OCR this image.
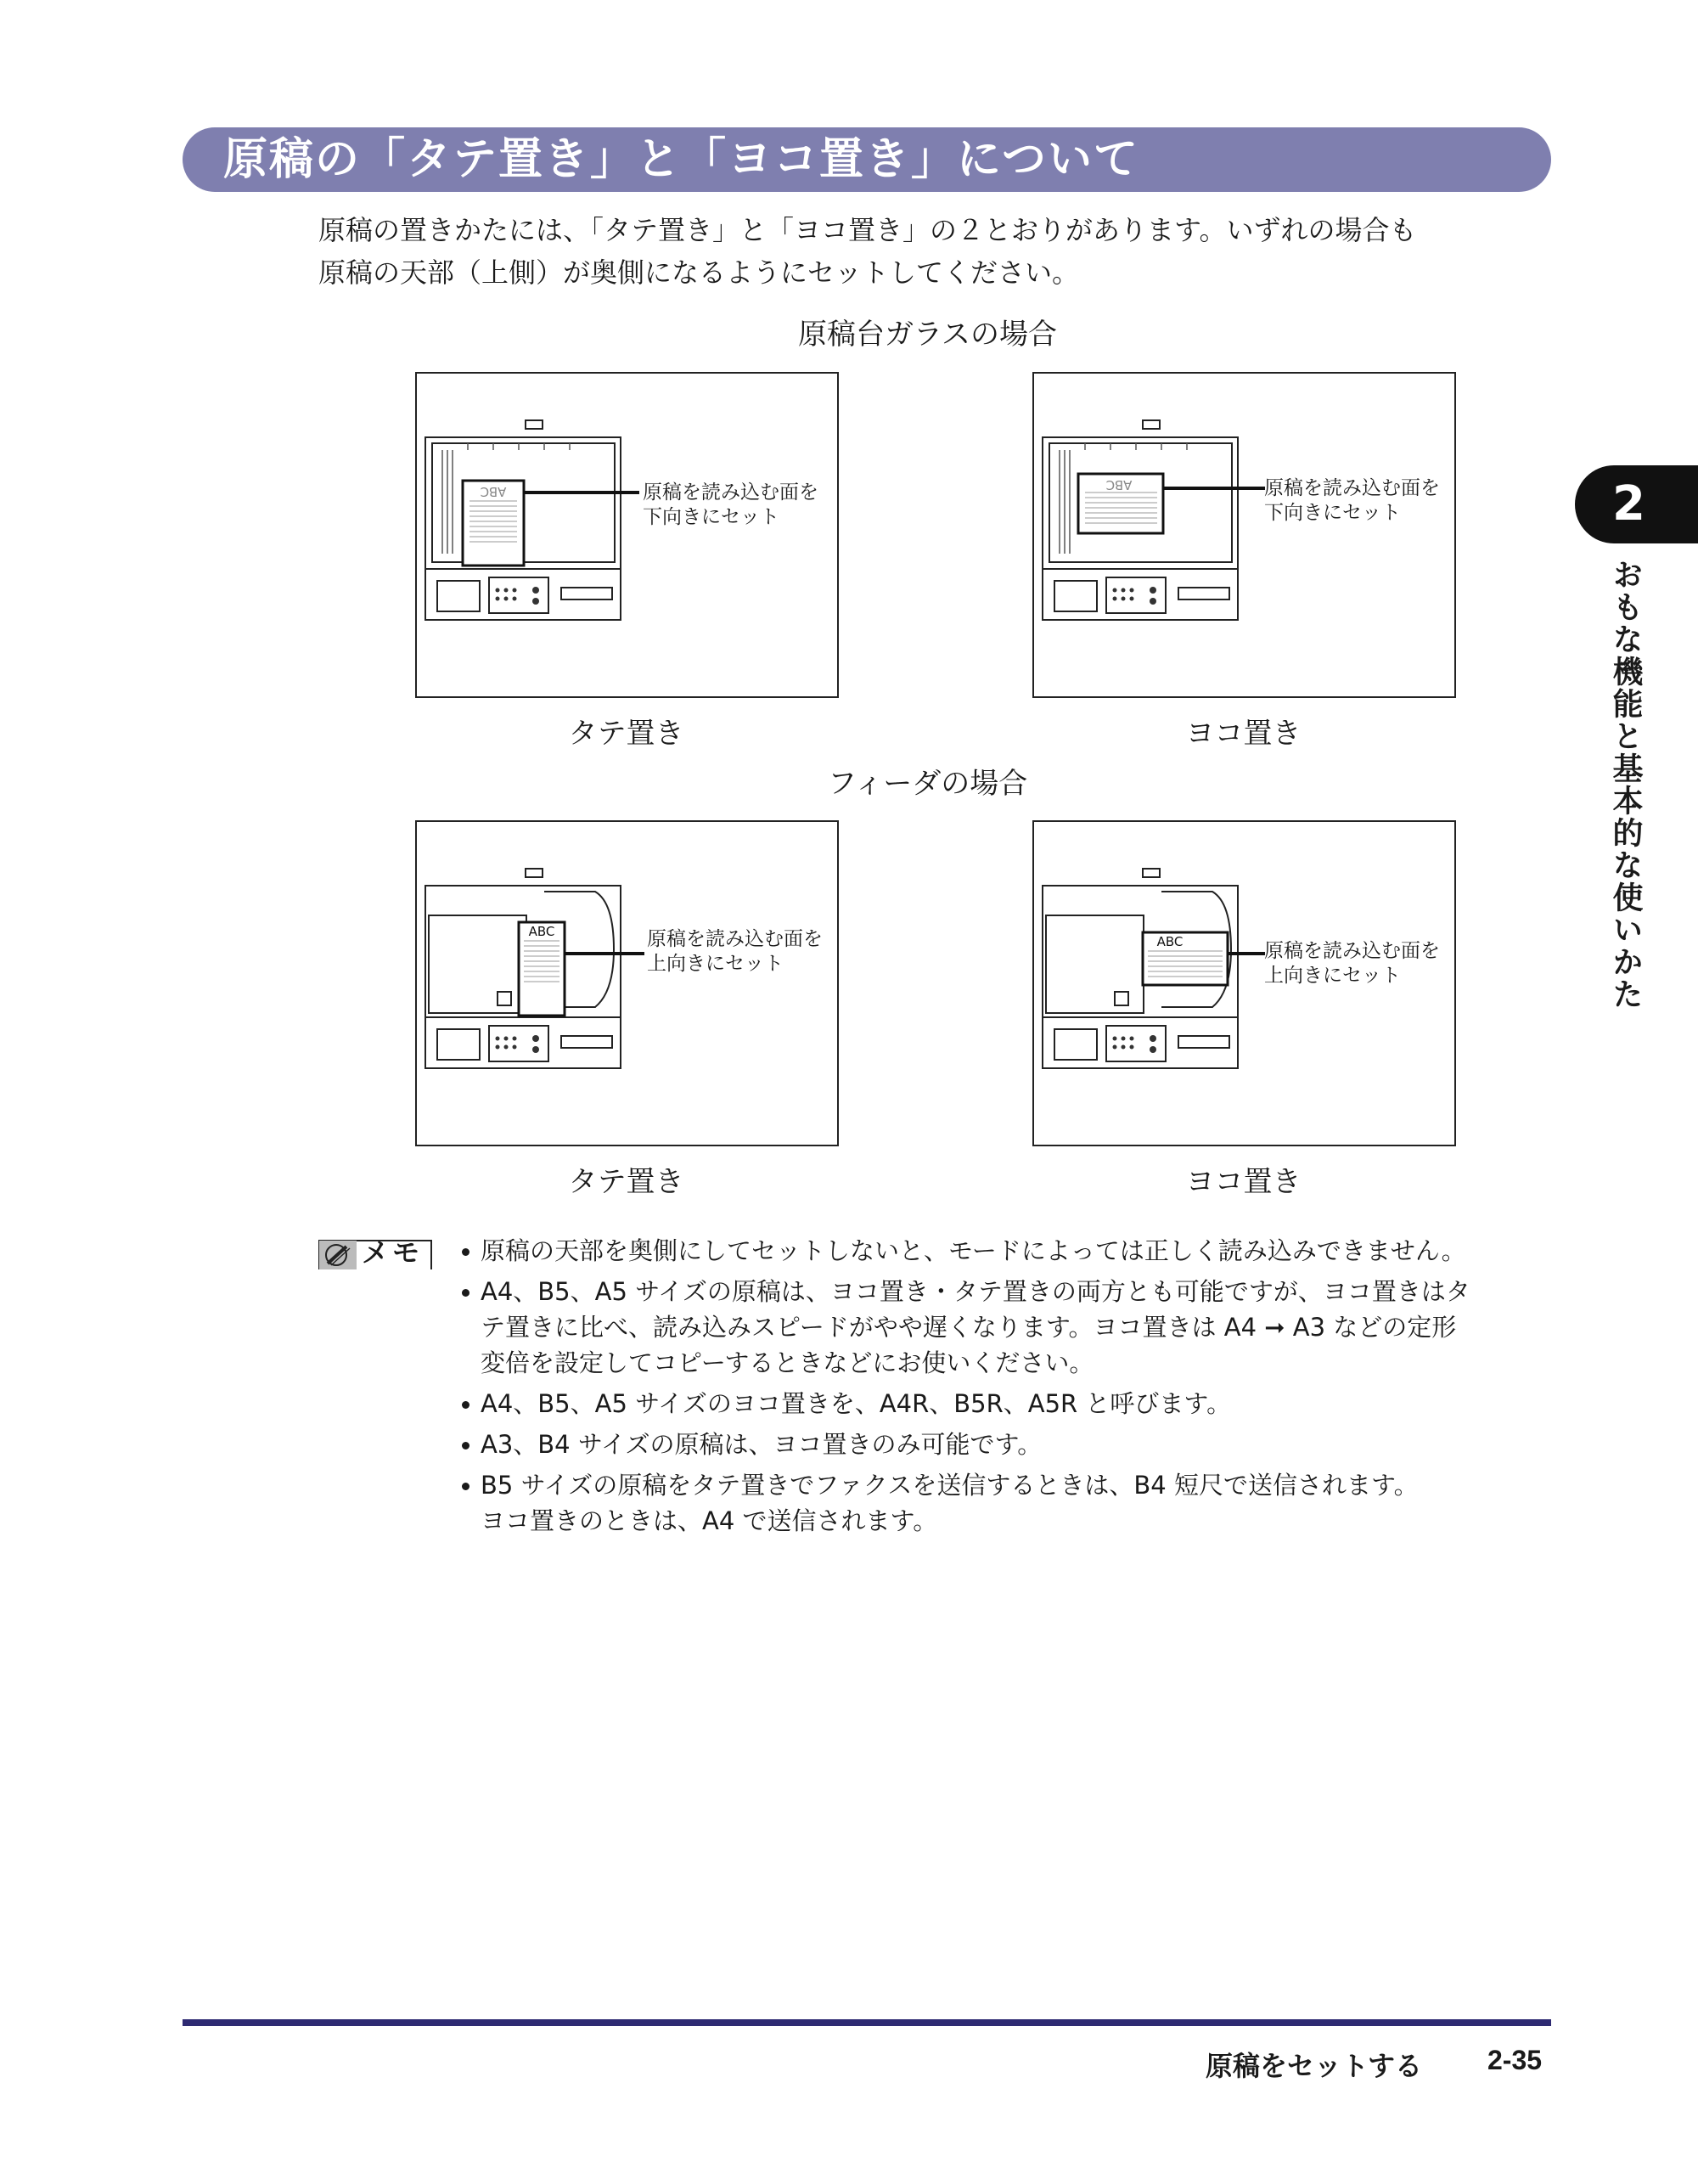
原稿の「タテ置き」と「ヨコ置き」について
原稿の置きかたには、「タテ置き」と「ヨコ置き」の２とおりがあります。いずれの場合も
原稿の天部（上側）が奥側になるようにセットしてください。
原稿台ガラスの場合
ABC	原稿を読み込む面を
下向きにセット
タテ置き
ABC	原稿を読み込む面を
下向きにセット
ヨコ置き
フィーダの場合
ABC	原稿を読み込む面を
上向きにセット
タテ置き
ABC	原稿を読み込む面を
上向きにセット
ヨコ置き
メモ 原稿の天部を奥側にしてセットしないと、モードによっては正しく読み込みできません。
A4、B5、A5 サイズの原稿は、ヨコ置き・タテ置きの両方とも可能ですが、ヨコ置きはタ
テ置きに比べ、読み込みスピードがやや遅くなります。ヨコ置きは A4 ➞ A3 などの定形
変倍を設定してコピーするときなどにお使いください。
A4、B5、A5 サイズのヨコ置きを、A4R、B5R、A5R と呼びます。
A3、B4 サイズの原稿は、ヨコ置きのみ可能です。
B5 サイズの原稿をタテ置きでファクスを送信するときは、B4 短尺で送信されます。
ヨコ置きのときは、A4 で送信されます。
2
おもな機能と基本的な使いかた
原稿をセットする 2-35
